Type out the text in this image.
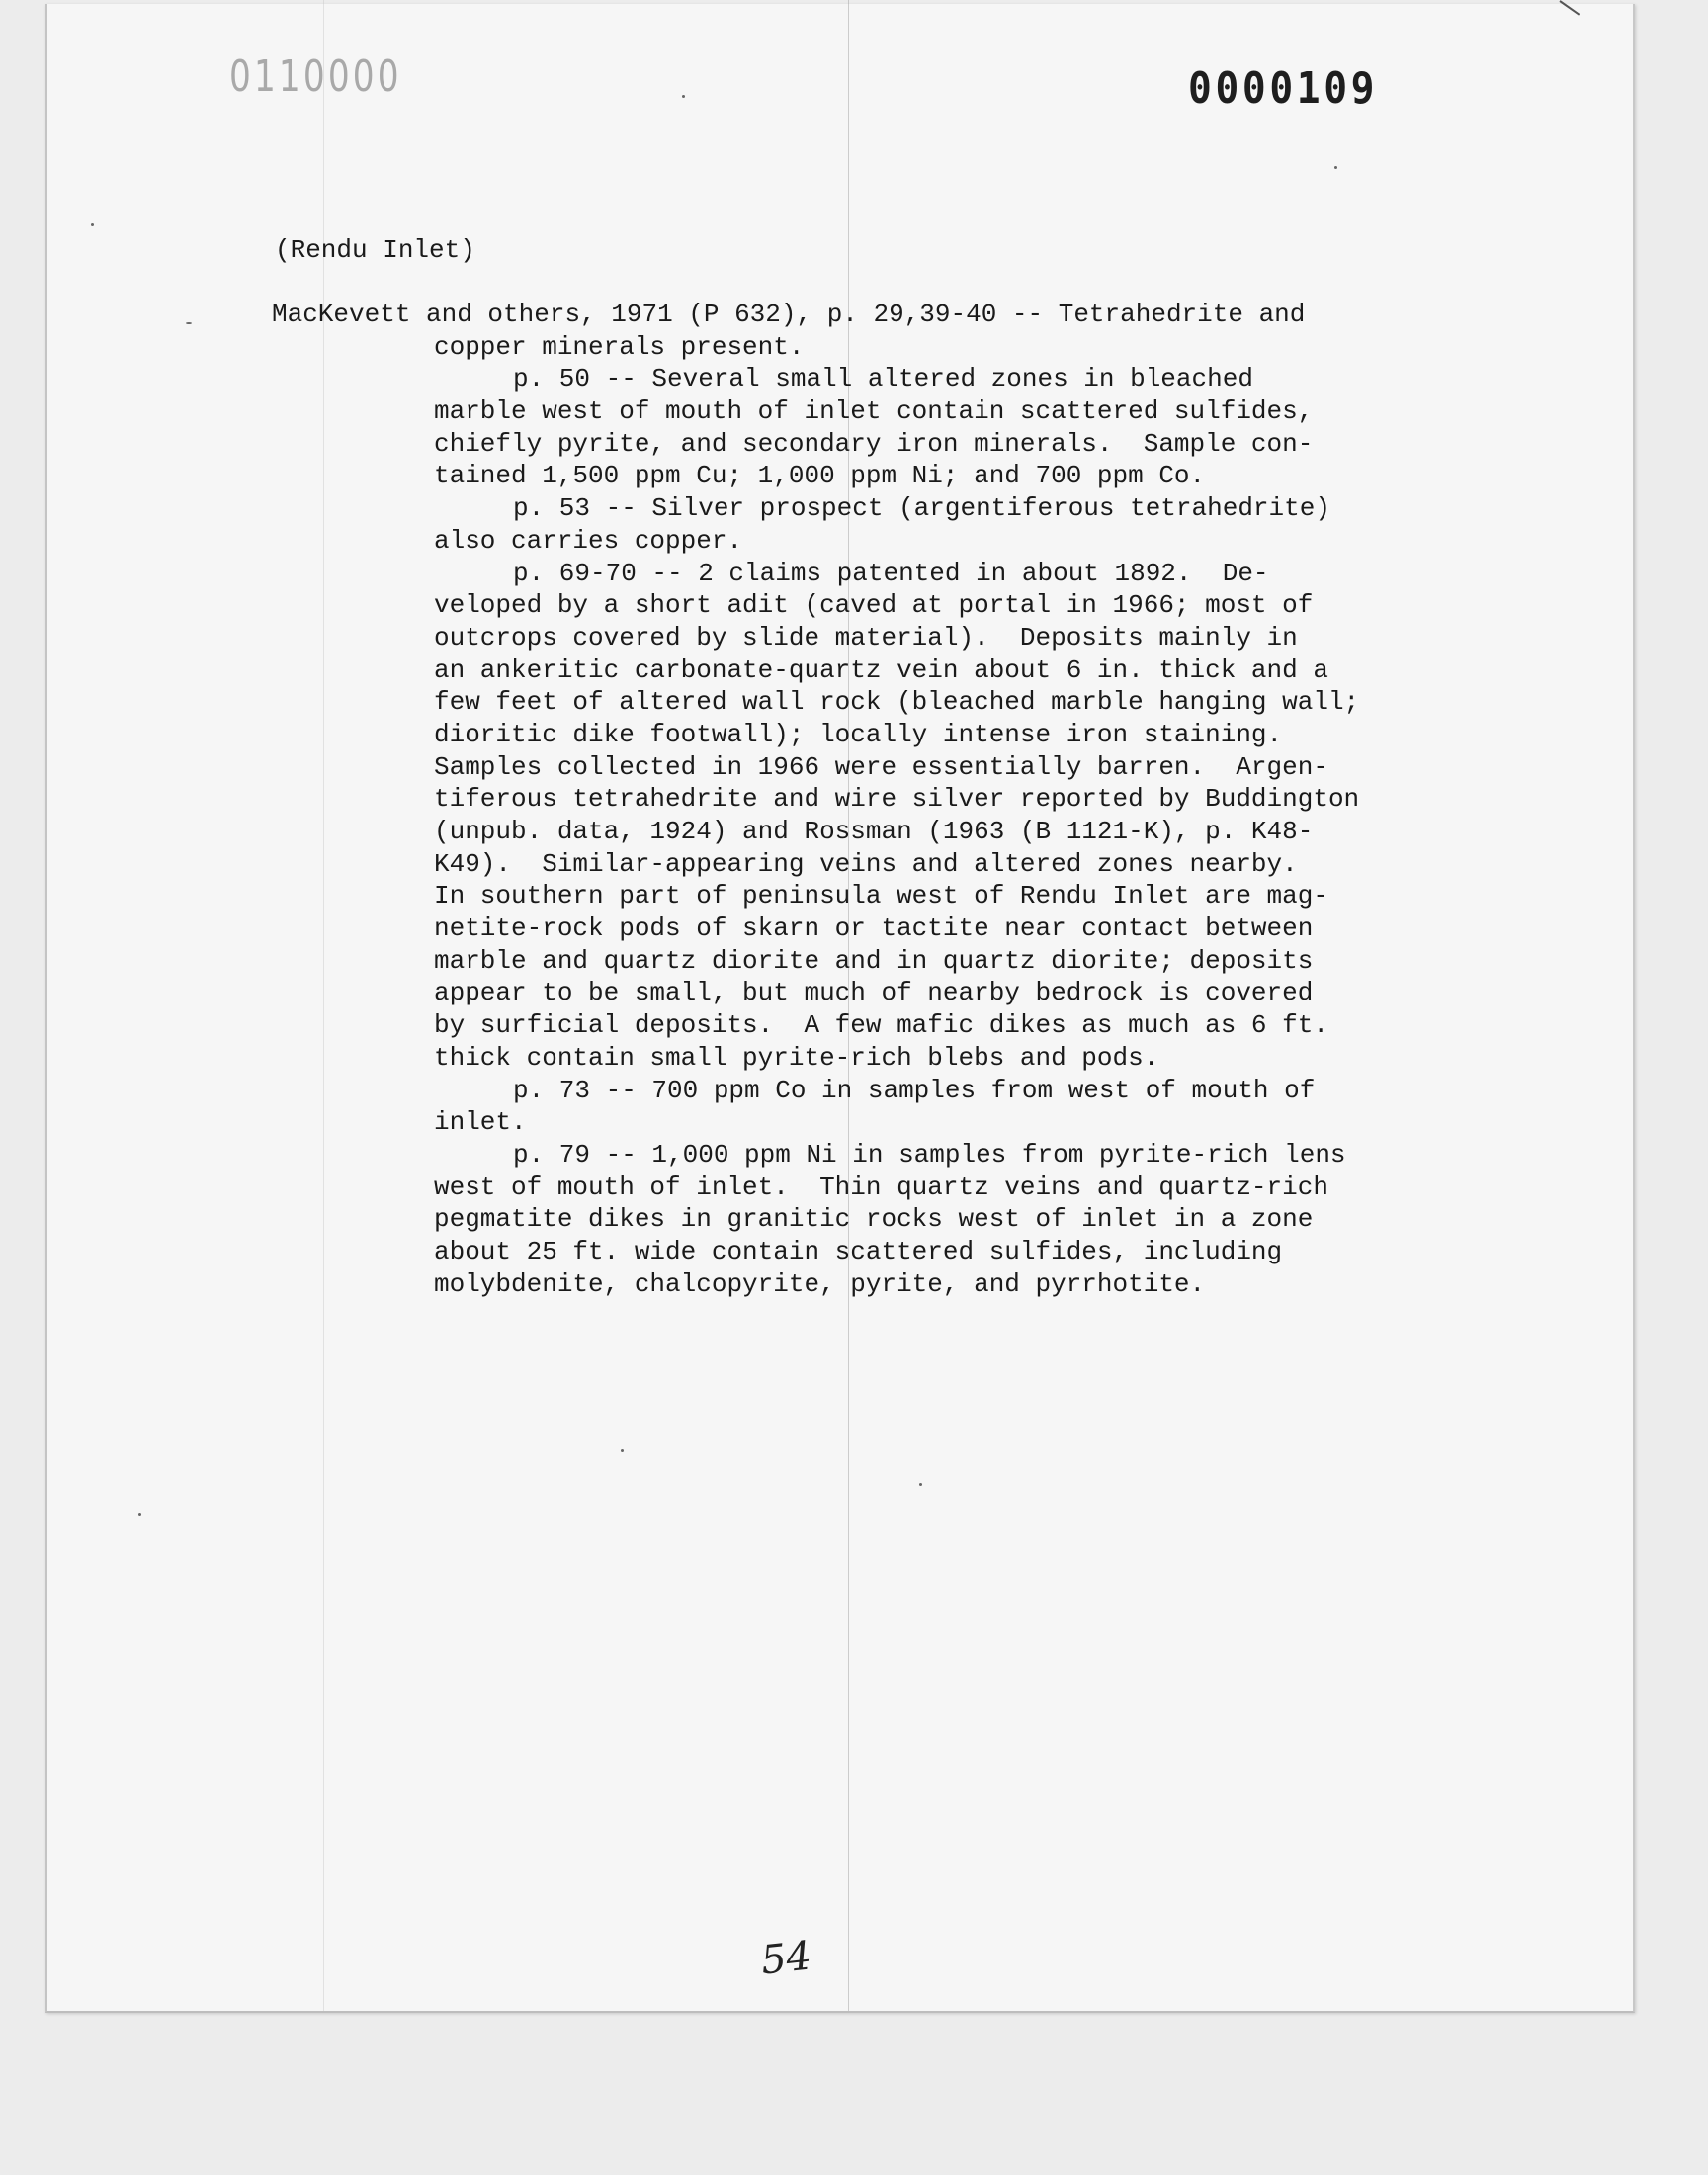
0110000	0000109
(Rendu Inlet)
MacKevett and others, 1971 (P 632), p. 29,39-40 -- Tetrahedrite and
copper minerals present.
p. 50 -- Several small altered zones in bleached
marble west of mouth of inlet contain scattered sulfides,
chiefly pyrite, and secondary iron minerals.  Sample con-
tained 1,500 ppm Cu; 1,000 ppm Ni; and 700 ppm Co.
p. 53 -- Silver prospect (argentiferous tetrahedrite)
also carries copper.
p. 69-70 -- 2 claims patented in about 1892.  De-
veloped by a short adit (caved at portal in 1966; most of
outcrops covered by slide material).  Deposits mainly in
an ankeritic carbonate-quartz vein about 6 in. thick and a
few feet of altered wall rock (bleached marble hanging wall;
dioritic dike footwall); locally intense iron staining.
Samples collected in 1966 were essentially barren.  Argen-
tiferous tetrahedrite and wire silver reported by Buddington
(unpub. data, 1924) and Rossman (1963 (B 1121-K), p. K48-
K49).  Similar-appearing veins and altered zones nearby.
In southern part of peninsula west of Rendu Inlet are mag-
netite-rock pods of skarn or tactite near contact between
marble and quartz diorite and in quartz diorite; deposits
appear to be small, but much of nearby bedrock is covered
by surficial deposits.  A few mafic dikes as much as 6 ft.
thick contain small pyrite-rich blebs and pods.
p. 73 -- 700 ppm Co in samples from west of mouth of
inlet.
p. 79 -- 1,000 ppm Ni in samples from pyrite-rich lens
west of mouth of inlet.  Thin quartz veins and quartz-rich
pegmatite dikes in granitic rocks west of inlet in a zone
about 25 ft. wide contain scattered sulfides, including
molybdenite, chalcopyrite, pyrite, and pyrrhotite.
54
